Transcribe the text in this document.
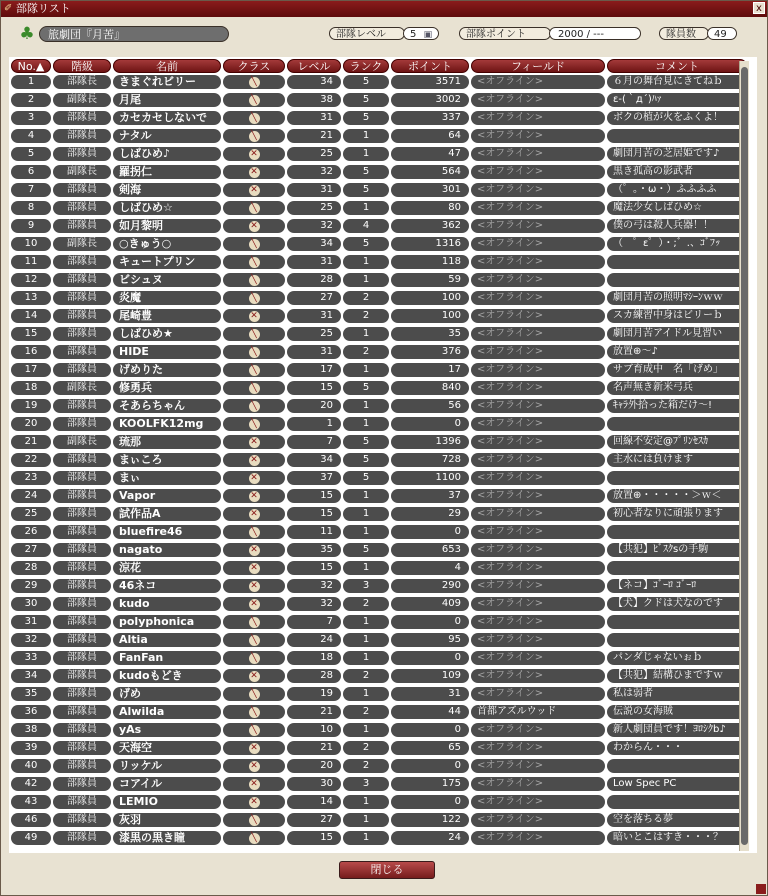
✐ 部隊リスト	x
♣	旅劇団『月苦』	部隊レベル	5 ▣	部隊ポイント	2000 / ---	隊員数	49
No.▲	階級	名前	クラス	レベル	ランク	ポイント	フィールド	コメント
1	部隊長	きまぐれビリー	╲	34	5	3571	<オフライン>	６月の舞台見にきてねｂ
2	副隊長	月尾	╲	38	5	3002	<オフライン>	ε-(｀д´)ﾊｧ
3	部隊員	カセカセしないで	╲	31	5	337	<オフライン>	ボクの植が火をふくよ！
4	部隊員	ナタル	╲	21	1	64	<オフライン>
5	部隊員	しばひめ♪	✕	25	1	47	<オフライン>	劇団月苦の芝居姫です♪
6	副隊長	羅拐仁	✕	32	5	564	<オフライン>	黒き孤高の影武者
7	部隊員	剣海	✕	31	5	301	<オフライン>	（゜。・ω・）ふふふふ
8	部隊員	しばひめ☆	╲	25	1	80	<オフライン>	魔法少女しばひめ☆
9	部隊員	如月黎明	✕	32	4	362	<オフライン>	僕の弓は殺人兵器！！
10	副隊長	○きゅう○	╲	34	5	1316	<オフライン>	（　゜ε゜）・;゛.、ｺﾞﾌｯ
11	部隊員	キュートプリン	╲	31	1	118	<オフライン>
12	部隊員	ビシュヌ	╲	28	1	59	<オフライン>
13	部隊員	炎魔	╲	27	2	100	<オフライン>	劇団月苦の照明ﾏｼｰﾝｗｗ
14	部隊員	尾崎豊	✕	31	2	100	<オフライン>	スカ練習中身はビリーｂ
15	部隊員	しばひめ★	╲	25	1	35	<オフライン>	劇団月苦アイドル見習い
16	部隊員	HIDE	╲	31	2	376	<オフライン>	放置⊕～♪
17	部隊員	げめりた	╲	17	1	17	<オフライン>	サブ育成中　名「げめ」
18	副隊長	修勇兵	╲	15	5	840	<オフライン>	名声無き新米弓兵
19	部隊員	そあらちゃん	╲	20	1	56	<オフライン>	ｷｬﾗ外拾った箱だけ～!
20	部隊員	KOOLFK12mg	╲	1	1	0	<オフライン>
21	副隊長	琉那	✕	7	5	1396	<オフライン>	回線不安定@ﾌﾟﾘﾝｾｽｶ
22	部隊員	まぃころ	✕	34	5	728	<オフライン>	主水には負けます
23	部隊員	まぃ	✕	37	5	1100	<オフライン>
24	部隊員	Vapor	✕	15	1	37	<オフライン>	放置⊕・・・・・＞ｗ＜
25	部隊員	試作品A	✕	15	1	29	<オフライン>	初心者なりに頑張ります
26	部隊員	bluefire46	╲	11	1	0	<オフライン>
27	部隊員	nagato	✕	35	5	653	<オフライン>	【共犯】ﾋﾞｽｸsの手駒
28	部隊員	涼花	✕	15	1	4	<オフライン>
29	部隊員	46ネコ	✕	32	3	290	<オフライン>	【ネコ】ｺﾞｰﾛ ｺﾞｰﾛ
30	部隊員	kudo	✕	32	2	409	<オフライン>	【犬】クドは犬なのです
31	部隊員	polyphonica	╲	7	1	0	<オフライン>
32	部隊員	Altia	╲	24	1	95	<オフライン>
33	部隊員	FanFan	╲	18	1	0	<オフライン>	パンダじゃないぉｂ
34	部隊員	kudoもどき	✕	28	2	109	<オフライン>	【共犯】結構ひまですｗ
35	部隊員	げめ	╲	19	1	31	<オフライン>	私は弱者
36	部隊員	Alwilda	╲	21	2	44	首都アズルウッド	伝説の女海賊
38	部隊員	yAs	╲	10	1	0	<オフライン>	新人劇団員です！ﾖﾛｼｸb♪
39	部隊員	天海空	✕	21	2	65	<オフライン>	わからん・・・
40	部隊員	リッケル	✕	20	2	0	<オフライン>
42	部隊員	コアイル	✕	30	3	175	<オフライン>	Low Spec PC
43	部隊員	LEMIO	✕	14	1	0	<オフライン>
46	部隊員	灰羽	╲	27	1	122	<オフライン>	空を落ちる夢
49	部隊員	漆黒の黒き瞳	╲	15	1	24	<オフライン>	暗いとこはすき・・・？
閉じる
